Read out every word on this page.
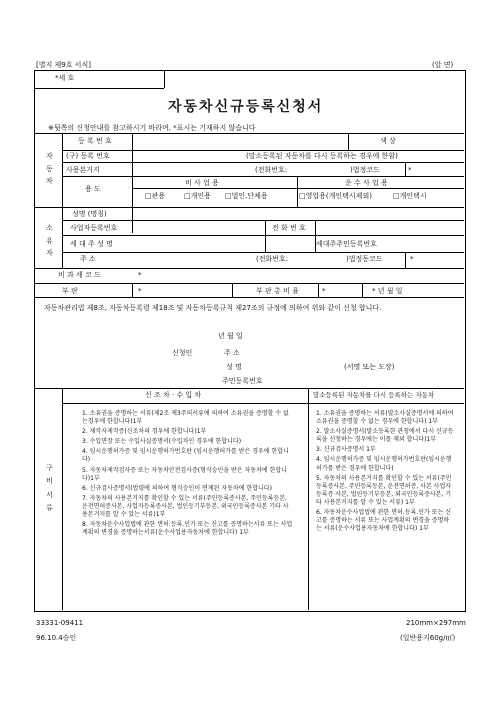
[별지 제9호 서식]	(앞 면)
*세 호
자동차신규등록신청서
※뒷쪽의 신청안내를 참고하시기 바라며, *표시는 기재하지 않습니다
자동차
등 록 번 호	색 상
(구) 등록 번호	(말소등록된 자동차를 다시 등록하는 경우에 한함)
사용본거지	(전화번호:	)법정코드	*
용 도
비 사 업 용	운 수 사 업 용
□관용	□개인용 □법인.단체용	□영업용(개인택시제외)	□개인택시
소유자
성명 (명칭)
사업자등록번호	전 화 번 호
세 대 주 성 명	세대주주민등록번호
주 소	(전화번호:	)법정동코드	*
비 과 세 코 드	*
부 판	*	부 판 총 비 율	*	* 년 월 일
자동차관리법 제8조, 자동차등록령 제18조 및 자동차등록규칙 제27조의 규정에 의하여 위와 같이 신청 합니다.
년 월 일
신청인	주 소
성 명	(서명 또는 도장)
주민등록번호
구비서류
신 조 차 · 수 입 차	말소등록된 자동차를 다시 등록하는 자동차

1. 소유권을 증명하는 서류(제2조 제3주의서류에 의하여 소유권을 증명할 수 없는경우에 한합니다)1부

2. 제작자제작증(신조차의 경우에 한합니다)1부

3. 수입면장 또는 수입사실증명서(수입차인 경우에 한합니다)

4. 임시운행허가증 및 임시운행허가번호판 (임시운행허가를 받은 경우에 한합니다)

5. 자동차제작검사증 또는 자동차안전검사증(형식승인을 받은 자동차에 한합니다)1부

6. 신규검사증명서(법령에 의하여 형식승인이 면제된 자동차에 한합니다)

7. 자동차의 사용본거지를 확인할 수 있는 서류(주민등록증사본, 주민등록등본, 운전면허증사본, 사업자등록증사본, 법인등기부등본, 외국인등록증사본 기타 사용본거지를 알 수 있는 서류)1부

8. 자동차운수사업법에 관한 면허.등록.인가 또는 신고를 증명하는서류 또는 사업계획의 변경을 증명하는서류(운수사업용자동차에 한합니다) 1부

1. 소유권을 증명하는 서류(말소사실증명서에 의하여 소유권을 증명할 수 없는 경우에 한합니다) 1부

2. 말소사실증명서(말소등록한 관청에서 다시 신규등록을 신청하는 경우에는 이를 제외 합니다)1부

3. 신규검사증명서 1부

4. 임시운행허가증 및 임시운행허가번호판(임시운행허가를 받은 경우에 한합니다)

5. 자동차의 사용본거지를 확인할 수 있는 서류(주민등록증사본, 주민등록등본, 운전면허증, 사본 사업자등록증 사본, 법인등기부등본, 외국인등록증사본, 기타 사용본거지를 알 수 있는 서류) 1부

6. 자동차운수사업법에 관한 면허.등록.인가 또는 신고를 증명하는 서류 또는 사업계획의 변경을 증명하는 서류(운수사업용자동차에 한합니다) 1부

33331-09411
96.10.4승인
210mm×297mm
(일반용지60g/㎡)
